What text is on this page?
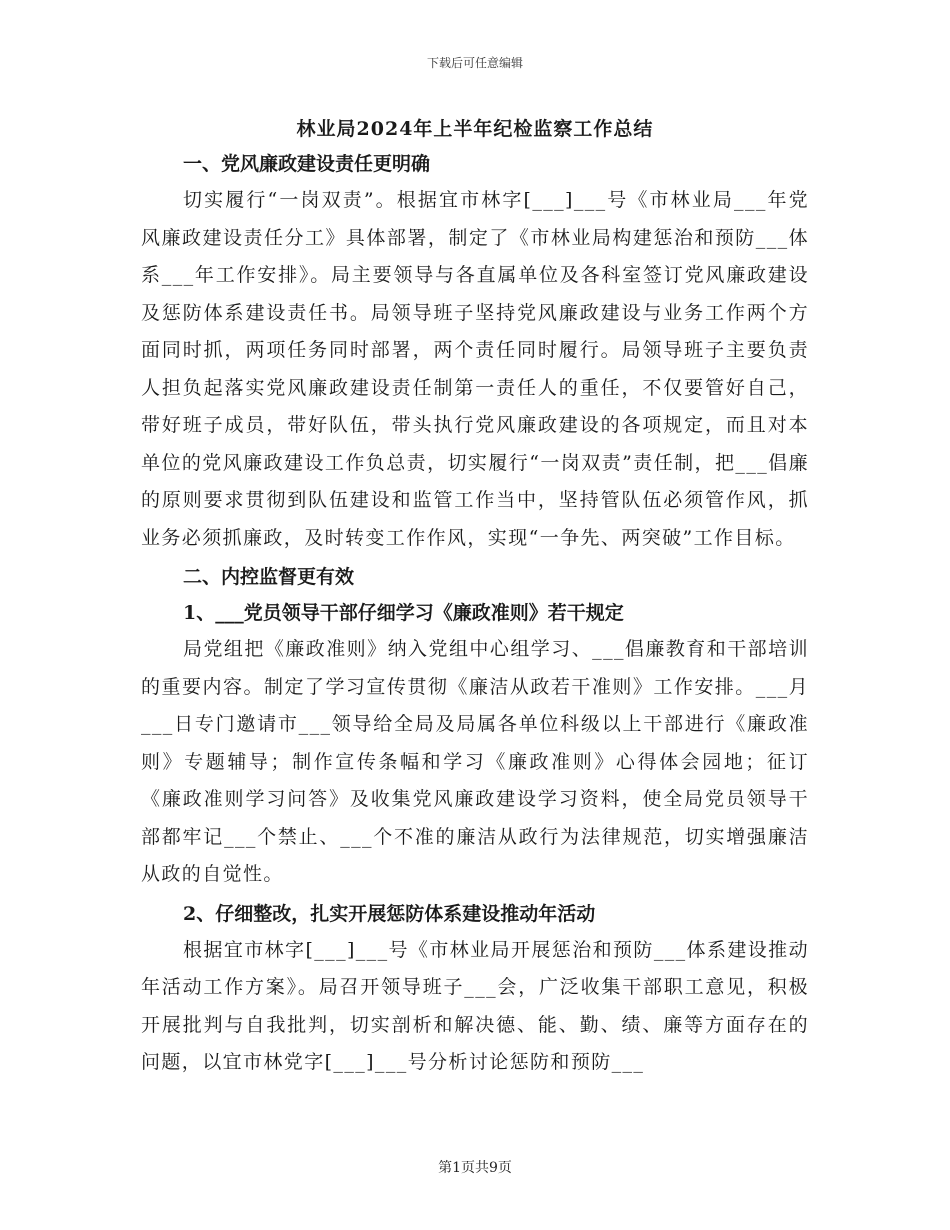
下载后可任意编辑
林业局2024年上半年纪检监察工作总结

一、党风廉政建设责任更明确

切实履行“一岗双责”。根据宜市林字[___]___号《市林业局___年党风廉政建设责任分工》具体部署，制定了《市林业局构建惩治和预防___体系___年工作安排》。局主要领导与各直属单位及各科室签订党风廉政建设及惩防体系建设责任书。局领导班子坚持党风廉政建设与业务工作两个方面同时抓，两项任务同时部署，两个责任同时履行。局领导班子主要负责人担负起落实党风廉政建设责任制第一责任人的重任，不仅要管好自己，带好班子成员，带好队伍，带头执行党风廉政建设的各项规定，而且对本单位的党风廉政建设工作负总责，切实履行“一岗双责”责任制，把___倡廉的原则要求贯彻到队伍建设和监管工作当中，坚持管队伍必须管作风，抓业务必须抓廉政，及时转变工作作风，实现“一争先、两突破”工作目标。

二、内控监督更有效

1、___党员领导干部仔细学习《廉政准则》若干规定

局党组把《廉政准则》纳入党组中心组学习、___倡廉教育和干部培训的重要内容。制定了学习宣传贯彻《廉洁从政若干准则》工作安排。___月___日专门邀请市___领导给全局及局属各单位科级以上干部进行《廉政准则》专题辅导；制作宣传条幅和学习《廉政准则》心得体会园地；征订《廉政准则学习问答》及收集党风廉政建设学习资料，使全局党员领导干部都牢记___个禁止、___个不准的廉洁从政行为法律规范，切实增强廉洁从政的自觉性。

2、仔细整改，扎实开展惩防体系建设推动年活动

根据宜市林字[___]___号《市林业局开展惩治和预防___体系建设推动年活动工作方案》。局召开领导班子___会，广泛收集干部职工意见，积极开展批判与自我批判，切实剖析和解决德、能、勤、绩、廉等方面存在的问题，以宜市林党字[___]___号分析讨论惩防和预防___

第1页共9页
